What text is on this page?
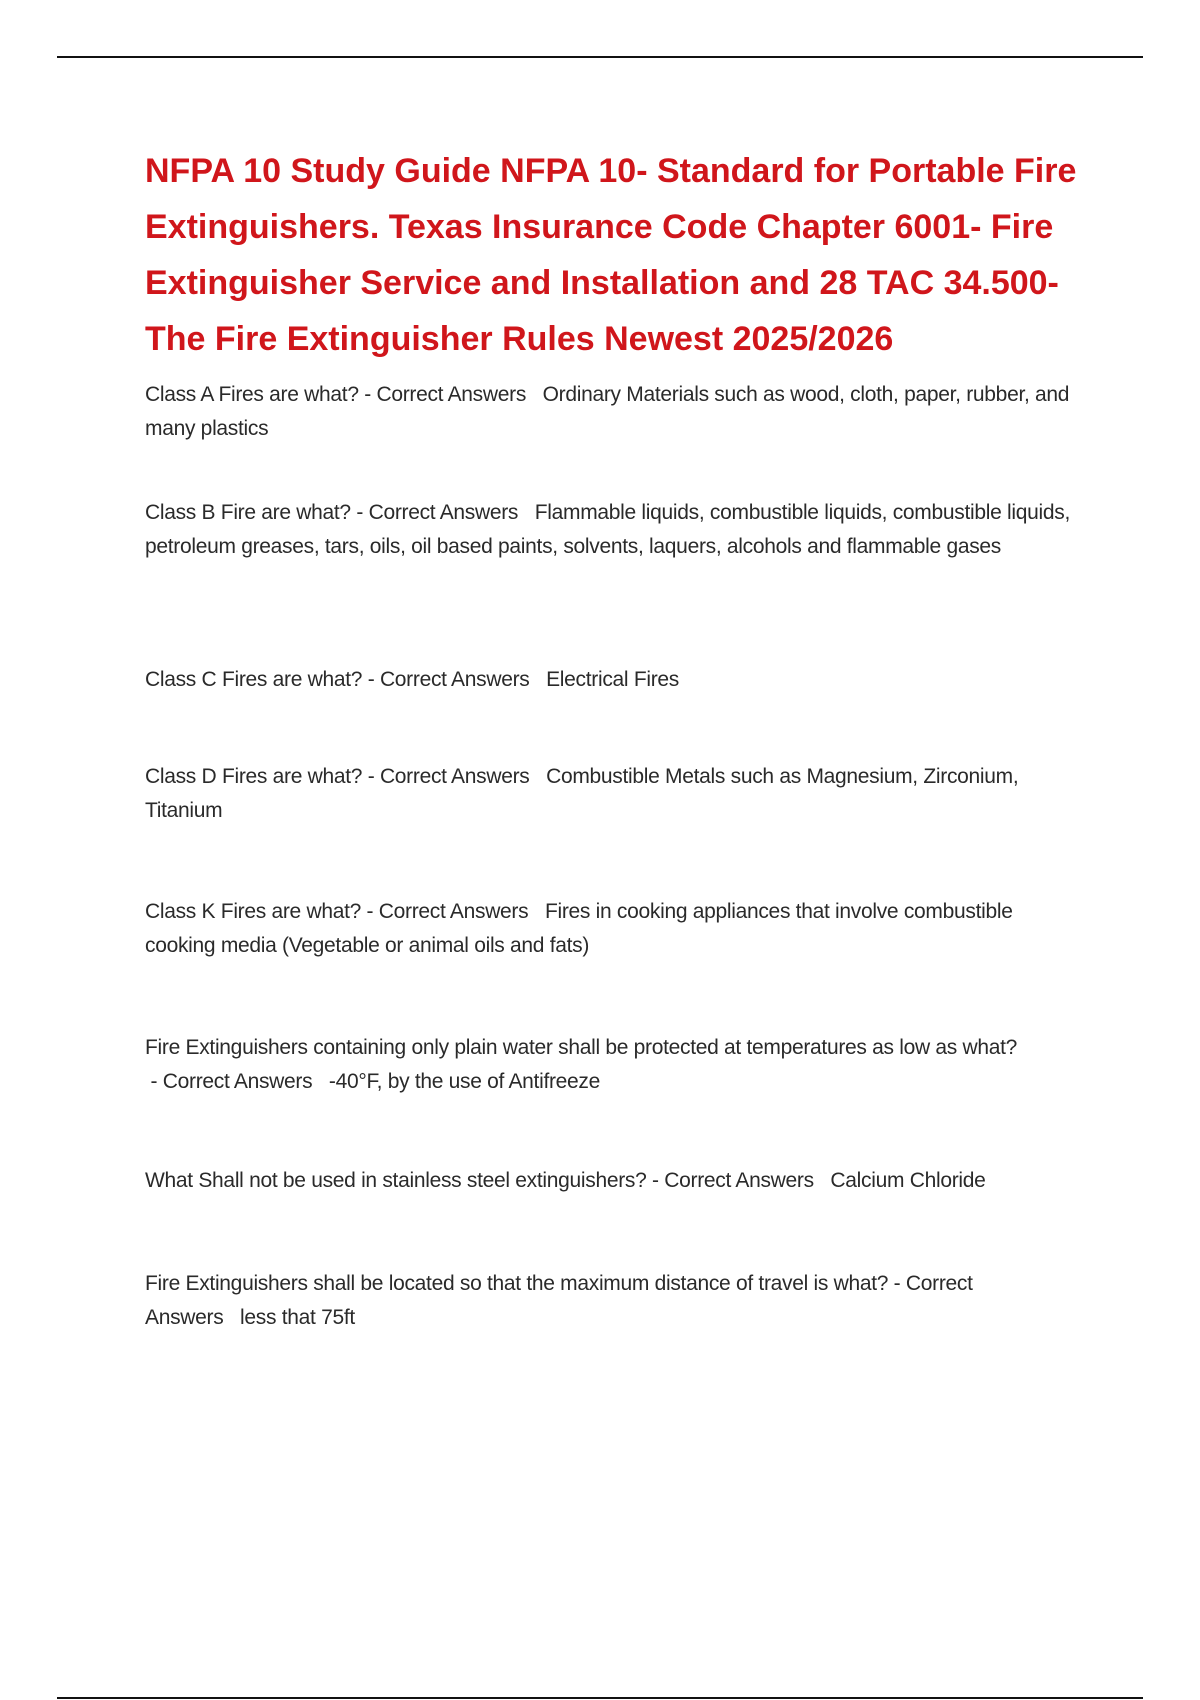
NFPA 10 Study Guide NFPA 10- Standard for Portable Fire Extinguishers. Texas Insurance Code Chapter 6001- Fire Extinguisher Service and Installation and 28 TAC 34.500- The Fire Extinguisher Rules Newest 2025/2026

Class A Fires are what? - Correct Answers Ordinary Materials such as wood, cloth, paper, rubber, and many plastics

Class B Fire are what? - Correct Answers Flammable liquids, combustible liquids, combustible liquids, petroleum greases, tars, oils, oil based paints, solvents, laquers, alcohols and flammable gases

Class C Fires are what? - Correct Answers Electrical Fires

Class D Fires are what? - Correct Answers Combustible Metals such as Magnesium, Zirconium, Titanium

Class K Fires are what? - Correct Answers Fires in cooking appliances that involve combustible cooking media (Vegetable or animal oils and fats)

Fire Extinguishers containing only plain water shall be protected at temperatures as low as what? - Correct Answers -40°F, by the use of Antifreeze

What Shall not be used in stainless steel extinguishers? - Correct Answers Calcium Chloride

Fire Extinguishers shall be located so that the maximum distance of travel is what? - Correct Answers less that 75ft
